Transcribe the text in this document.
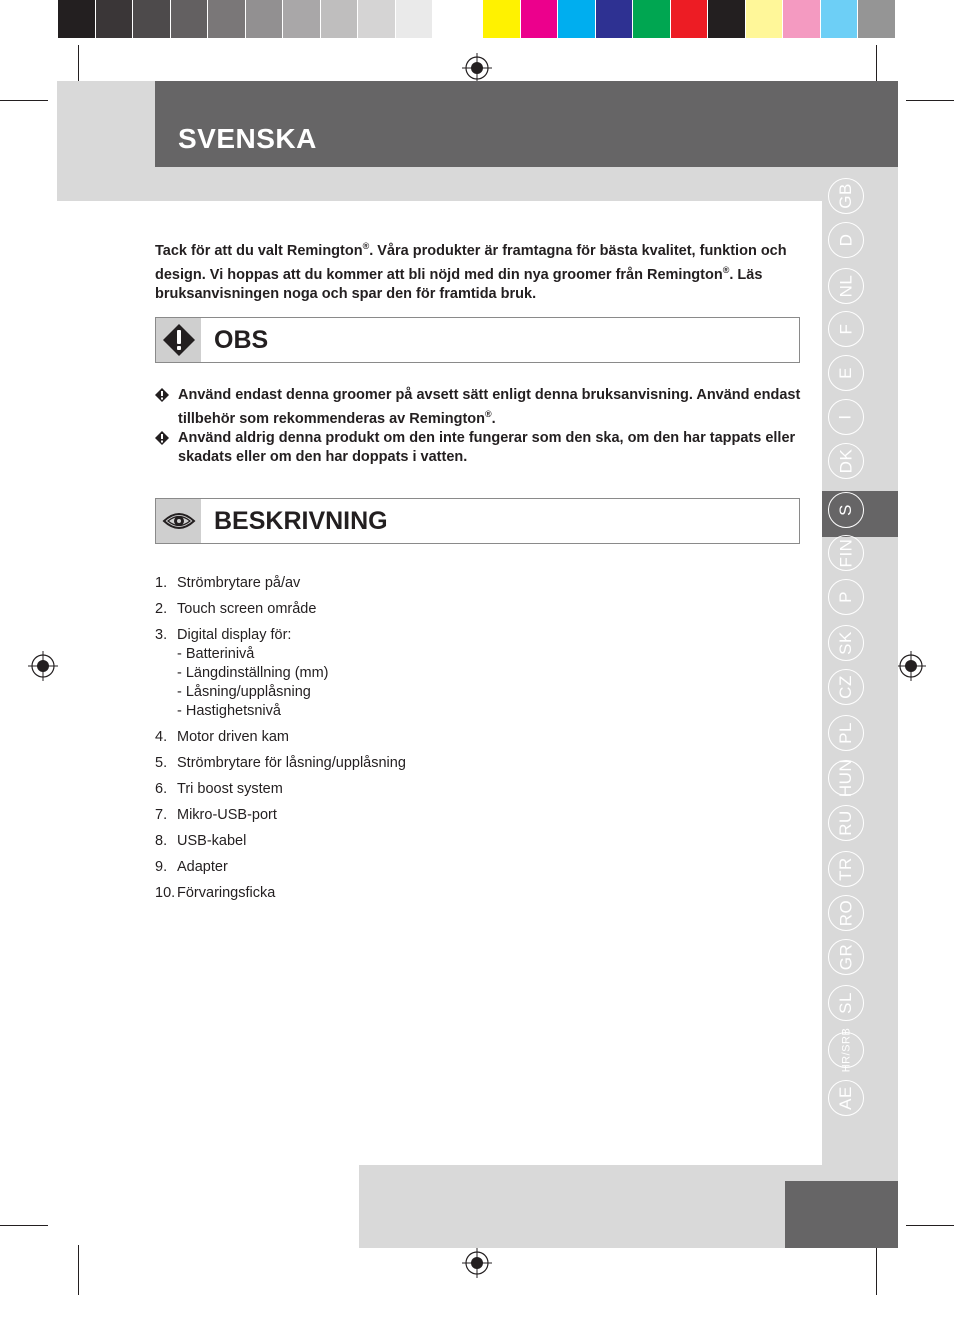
SVENSKA
GB
D
NL
F
E
I
DK
S
FIN
P
SK
CZ
PL
HUN
RU
TR
RO
GR
SL
HR/SRB
AE
Tack för att du valt Remington®. Våra produkter är framtagna för bästa kvalitet, funktion och design. Vi hoppas att du kommer att bli nöjd med din nya groomer från Remington®. Läs bruksanvisningen noga och spar den för framtida bruk.
OBS
Använd endast denna groomer på avsett sätt enligt denna bruksanvisning. Använd endast tillbehör som rekommenderas av Remington®.
Använd aldrig denna produkt om den inte fungerar som den ska, om den har tappats eller skadats eller om den har doppats i vatten.
BESKRIVNING
1. Strömbrytare på/av
2. Touch screen område
3. Digital display för:
- Batterinivå
- Längdinställning (mm)
- Låsning/upplåsning
- Hastighetsnivå
4. Motor driven kam
5. Strömbrytare för låsning/upplåsning
6. Tri boost system
7. Mikro-USB-port
8. USB-kabel
9. Adapter
10. Förvaringsficka
